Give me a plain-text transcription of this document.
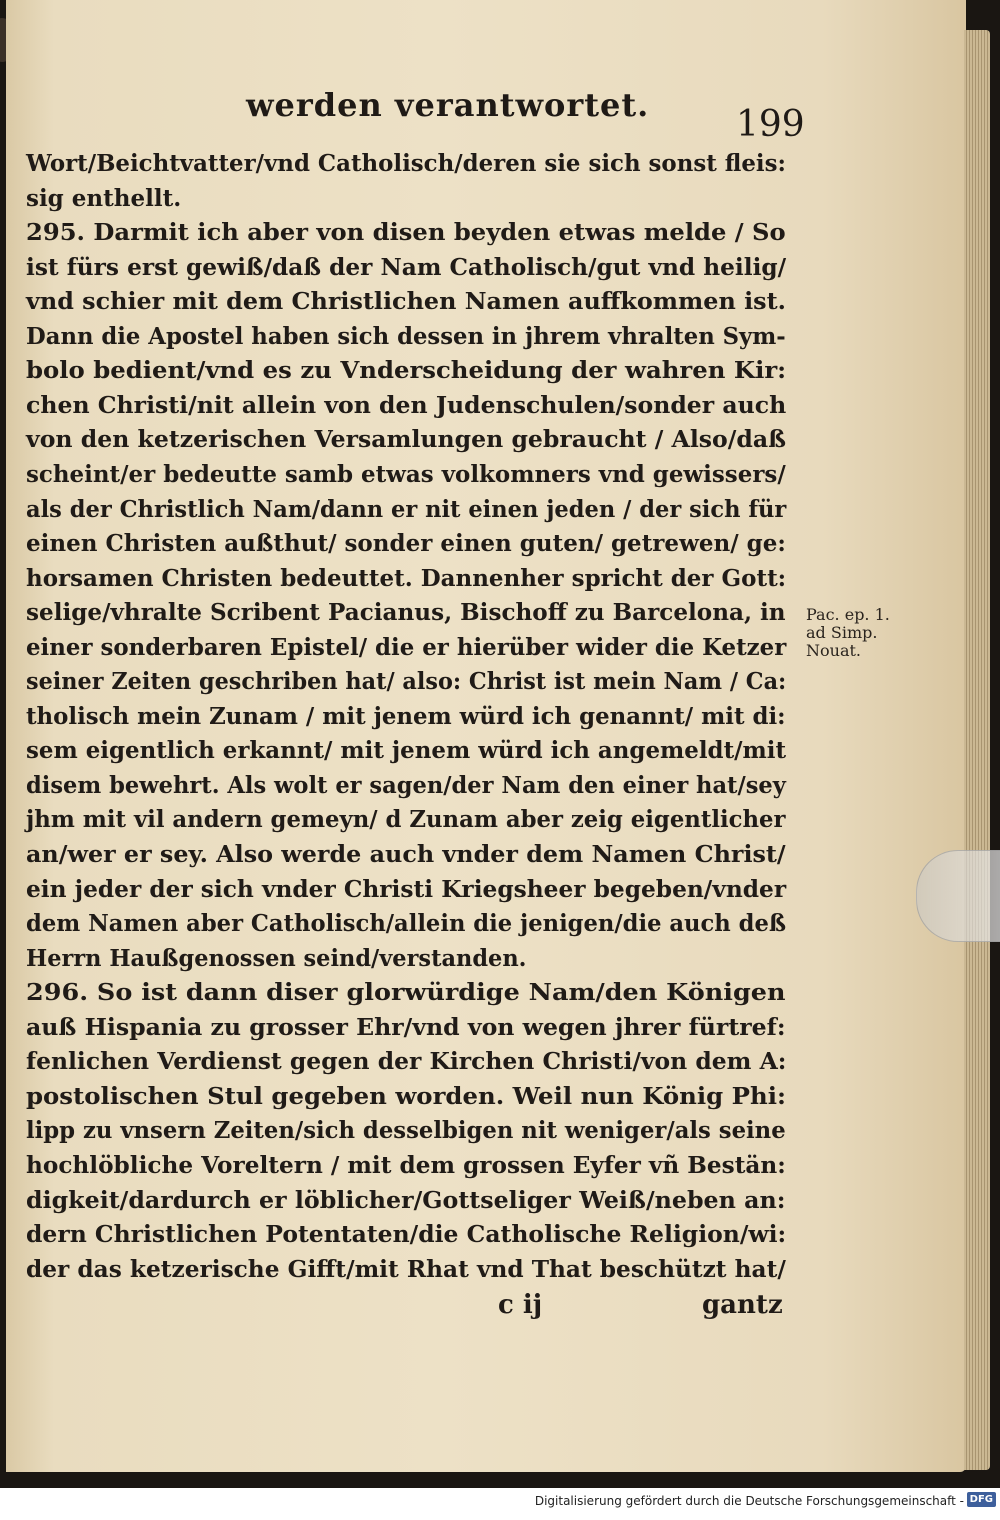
werden verantwortet. 199
Wort/Beichtvatter/vnd Catholisch/deren sie sich sonst fleis:
sig enthellt.
295. Darmit ich aber von disen beyden etwas melde / So
ist fürs erst gewiß/daß der Nam Catholisch/gut vnd heilig/
vnd schier mit dem Christlichen Namen auffkommen ist.
Dann die Apostel haben sich dessen in jhrem vhralten Sym-
bolo bedient/vnd es zu Vnderscheidung der wahren Kir:
chen Christi/nit allein von den Judenschulen/sonder auch
von den ketzerischen Versamlungen gebraucht / Also/daß
scheint/er bedeutte samb etwas volkomners vnd gewissers/
als der Christlich Nam/dann er nit einen jeden / der sich für
einen Christen außthut/ sonder einen guten/ getrewen/ ge:
horsamen Christen bedeuttet. Dannenher spricht der Gott:
selige/vhralte Scribent Pacianus, Bischoff zu Barcelona, in
einer sonderbaren Epistel/ die er hierüber wider die Ketzer
seiner Zeiten geschriben hat/ also: Christ ist mein Nam / Ca:
tholisch mein Zunam / mit jenem würd ich genannt/ mit di:
sem eigentlich erkannt/ mit jenem würd ich angemeldt/mit
disem bewehrt. Als wolt er sagen/der Nam den einer hat/sey
jhm mit vil andern gemeyn/ d Zunam aber zeig eigentlicher
an/wer er sey. Also werde auch vnder dem Namen Christ/
ein jeder der sich vnder Christi Kriegsheer begeben/vnder
dem Namen aber Catholisch/allein die jenigen/die auch deß
Herrn Haußgenossen seind/verstanden.
296. So ist dann diser glorwürdige Nam/den Königen
auß Hispania zu grosser Ehr/vnd von wegen jhrer fürtref:
fenlichen Verdienst gegen der Kirchen Christi/von dem A:
postolischen Stul gegeben worden. Weil nun König Phi:
lipp zu vnsern Zeiten/sich desselbigen nit weniger/als seine
hochlöbliche Voreltern / mit dem grossen Eyfer vñ Bestän:
digkeit/dardurch er löblicher/Gottseliger Weiß/neben an:
dern Christlichen Potentaten/die Catholische Religion/wi:
der das ketzerische Gifft/mit Rhat vnd That beschützt hat/
Pac. ep. 1.
ad Simp.
Nouat.
c ij	gantz
Digitalisierung gefördert durch die Deutsche Forschungsgemeinschaft - DFG
